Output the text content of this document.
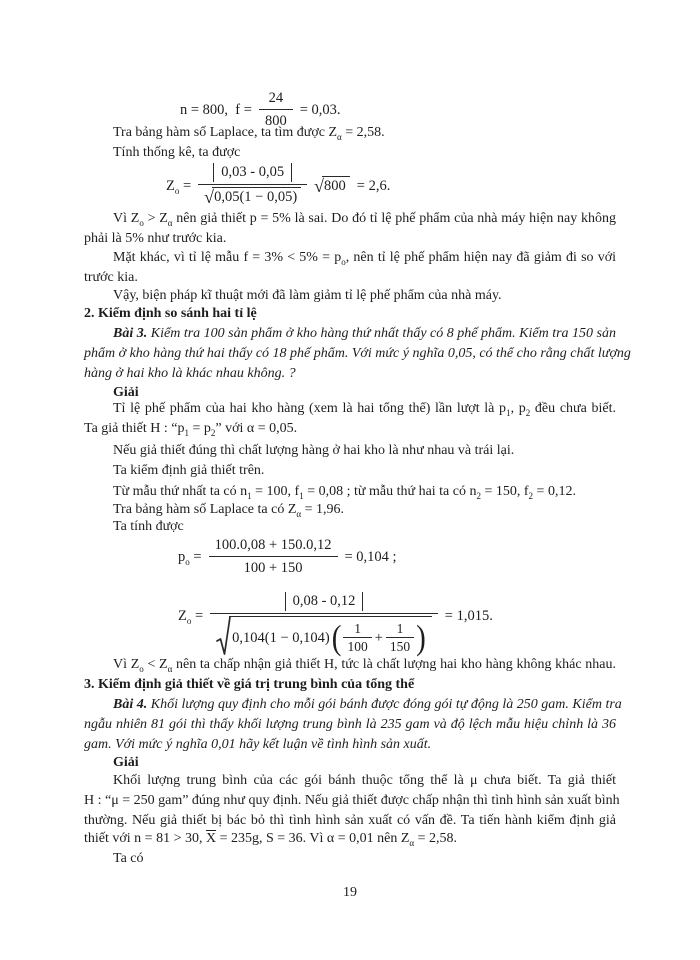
n = 800,  $f = \frac{24}{800} = 0,03$.
Tra bảng hàm số Laplace, ta tìm được $Z_\alpha = 2,58$.
Tính thống kê, ta được
$Z_o = \frac{0,03 - 0,05}{√ 0,05(1 - 0,05)}$ √ 800 = 2,6.
Vì $Z_o > Z_\alpha$ nên giả thiết p = 5% là sai. Do đó tỉ lệ phế phẩm của nhà máy hiện nay không
phải là 5% như trước kia.
Mặt khác, vì tỉ lệ mẫu $f = 3\% < 5\% = p_o$, nên tỉ lệ phế phẩm hiện nay đã giảm đi so với
trước kia.
Vậy, biện pháp kĩ thuật mới đã làm giảm tỉ lệ phế phẩm của nhà máy.
2. Kiểm định so sánh hai tỉ lệ
Bài 3. Kiểm tra 100 sản phẩm ở kho hàng thứ nhất thấy có 8 phế phẩm. Kiểm tra 150 sản
phẩm ở kho hàng thứ hai thấy có 18 phế phẩm. Với mức ý nghĩa 0,05, có thể cho rằng chất lượng
hàng ở hai kho là khác nhau không. ?
Giải
Tỉ lệ phế phẩm của hai kho hàng (xem là hai tổng thể) lần lượt là $p_1$, $p_2$ đều chưa biết.
Ta giả thiết H : “$p_1 = p_2$” với α = 0,05.
Nếu giả thiết đúng thì chất lượng hàng ở hai kho là như nhau và trái lại.
Ta kiểm định giả thiết trên.
Từ mẫu thứ nhất ta có $n_1 = 100$, $f_1 = 0,08$ ; từ mẫu thứ hai ta có $n_2 = 150$, $f_2 = 0,12$.
Tra bảng hàm số Laplace ta có $Z_\alpha = 1,96$.
Ta tính được
$p_o = \frac{100.0,08 + 150.0,12}{100 + 150} = 0,104$ ;
$Z_o$ =
0,08 - 0,12
0,104(1 − 0,104) ( $\frac{1}{100} + \frac{1}{150}$ )
= 1,015.
Vì $Z_o < Z_\alpha$ nên ta chấp nhận giả thiết H, tức là chất lượng hai kho hàng không khác nhau.
3. Kiểm định giả thiết về giá trị trung bình của tổng thể
Bài 4. Khối lượng quy định cho mỗi gói bánh được đóng gói tự động là 250 gam. Kiểm tra
ngẫu nhiên 81 gói thì thấy khối lượng trung bình là 235 gam và độ lệch mẫu hiệu chỉnh là 36
gam. Với mức ý nghĩa 0,01 hãy kết luận về tình hình sản xuất.
Giải
Khối lượng trung bình của các gói bánh thuộc tổng thể là μ chưa biết. Ta giả thiết
H : “μ = 250 gam” đúng như quy định. Nếu giả thiết được chấp nhận thì tình hình sản xuất bình
thường. Nếu giả thiết bị bác bỏ thì tình hình sản xuất có vấn đề. Ta tiến hành kiểm định giả
thiết với n = 81 > 30, $\overline{X} = 235g$, S = 36. Vì α = 0,01 nên $Z_\alpha = 2,58$.
Ta có
19
